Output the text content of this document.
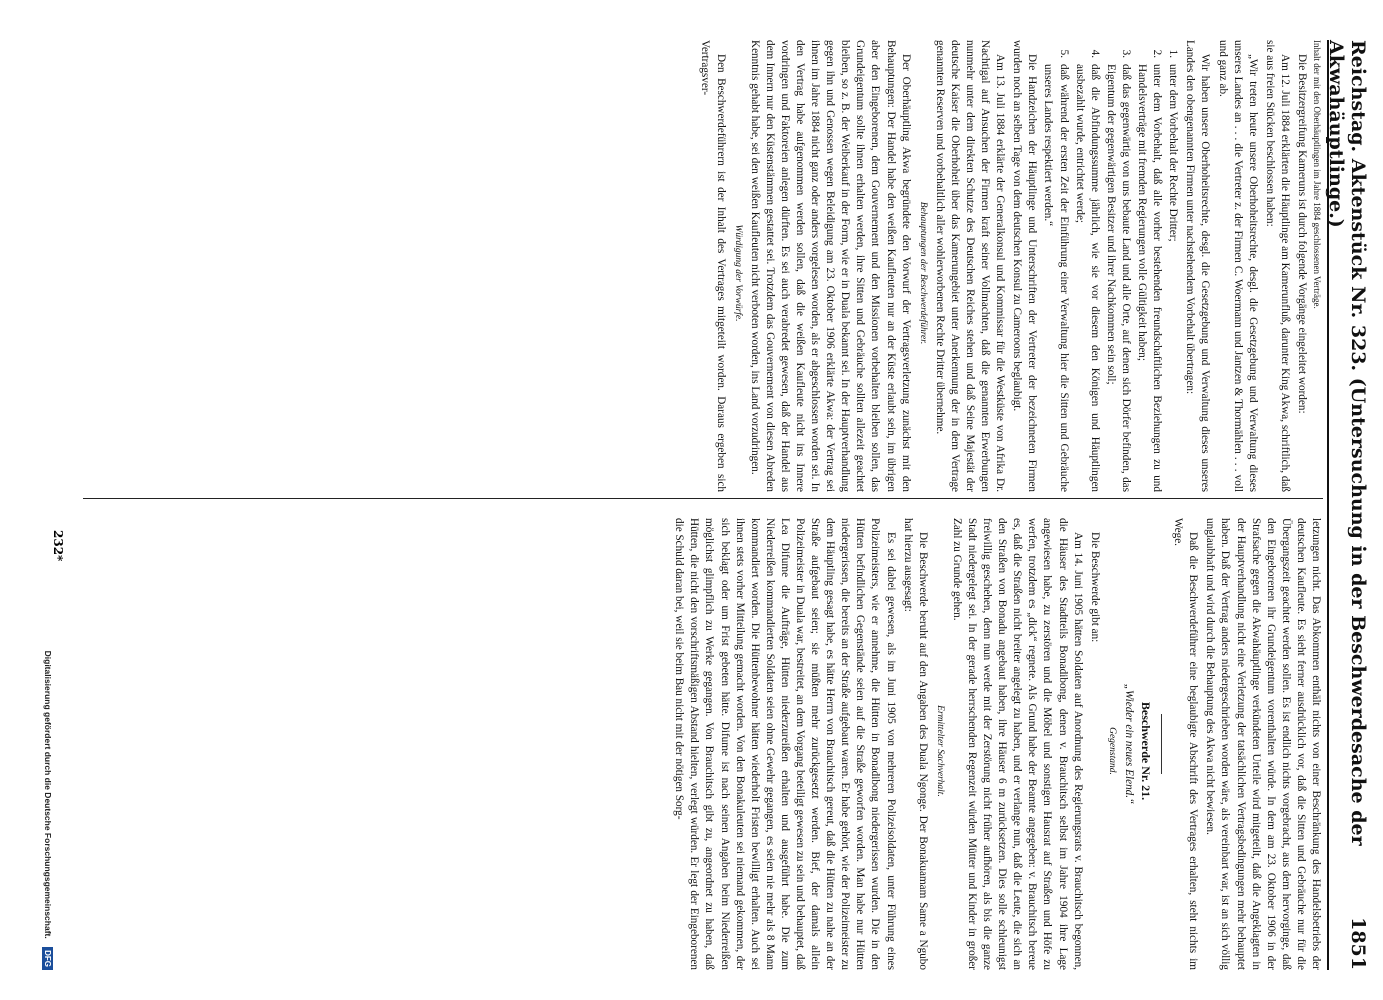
Reichstag. Aktenstück Nr. 323. (Untersuchung in der Beschwerdesache der Akwahäuptlinge.)
1851

Inhalt der mit den Oberhäuptlingen im Jahre 1884 geschlossenen Verträge.

Die Besitzergreifung Kameruns ist durch folgende Vorgänge eingeleitet worden:

Am 12. Juli 1884 erklärten die Häuptlinge am Kamerunfluß, darunter King Akwa, schriftlich, daß sie aus freien Stücken beschlossen haben:

„Wir treten heute unsere Oberhoheitsrechte, desgl. die Gesetzgebung und Verwaltung dieses unseres Landes an . . . die Vertreter z. der Firmen C. Woermann und Jantzen & Thormählen . . . voll und ganz ab.

Wir haben unsere Oberhoheitsrechte, desgl. die Gesetzgebung und Verwaltung dieses unseres Landes den obengenannten Firmen unter nachstehendem Vorbehalt übertragen:

1.
unter dem Vorbehalt der Rechte Dritter;
2.
unter dem Vorbehalt, daß alle vorher bestehenden freundschaftlichen Beziehungen zu und Handelsverträge mit fremden Regierungen volle Gültigkeit haben;
3.
daß das gegenwärtig von uns bebaute Land und alle Orte, auf denen sich Dörfer befinden, das Eigentum der gegenwärtigen Besitzer und ihrer Nachkommen sein soll;
4.
daß die Abfindungssumme jährlich, wie sie vor diesem den Königen und Häuptlingen ausbezahlt wurde, entrichtet werde;
5.
daß während der ersten Zeit der Einführung einer Verwaltung hier die Sitten und Gebräuche unseres Landes respektiert werden.“

Die Handzeichen der Häuptlinge und Unterschriften der Vertreter der bezeichneten Firmen wurden noch an selben Tage von dem deutschen Konsul zu Cameroons beglaubigt.

Am 13. Juli 1884 erklärte der Generalkonsul und Kommissar für die Westküste von Afrika Dr. Nachtigal auf Ansuchen der Firmen kraft seiner Vollmachten, daß die genannten Erwerbungen nunmehr unter dem direkten Schutze des Deutschen Reiches stehen und daß Seine Majestät der deutsche Kaiser die Oberhoheit über das Kamerungebiet unter Anerkennung der in dem Vertrage genannten Reserven und vorbehaltlich aller wohlerworbenen Rechte Dritter übernehme.

Behauptungen der Beschwerdeführer.

Der Oberhäuptling Akwa begründete den Vorwurf der Vertragsverletzung zunächst mit den Behauptungen: Der Handel habe den weißen Kaufleuten nur an der Küste erlaubt sein, im übrigen aber den Eingeborenen, dem Gouvernement und den Missionen vorbehalten bleiben sollen, das Grundeigentum sollte ihnen erhalten werden, ihre Sitten und Gebräuche sollten allezeit geachtet bleiben, so z. B. der Weiberkauf in der Form, wie er in Duala bekannt sei. In der Hauptverhandlung gegen ihn und Genossen wegen Beleidigung am 23. Oktober 1906 erklärte Akwa: der Vertrag sei ihnen im Jahre 1884 nicht ganz oder anders vorgelesen worden, als er abgeschlossen worden sei. In den Vertrag habe aufgenommen werden sollen, daß die weißen Kaufleute nicht ins Innere vordringen und Faktoreien anlegen dürften. Es sei auch verabredet gewesen, daß der Handel aus dem Innern nur den Küstenstämmen gestattet sei. Trotzdem das Gouvernement von diesen Abreden Kenntnis gehabt habe, sei den weißen Kaufleuten nicht verboten worden, ins Land vorzudringen.

Würdigung der Vorwürfe.

Den Beschwerdeführern ist der Inhalt des Vertrages mitgeteilt worden. Daraus ergeben sich Vertragsver-

letzungen nicht. Das Abkommen enthält nichts von einer Beschränkung des Handelsbetriebs der deutschen Kaufleute. Es sieht ferner ausdrücklich vor, daß die Sitten und Gebräuche nur für die Übergangszeit geachtet werden sollen. Es ist endlich nichts vorgebracht, aus dem hervorginge, daß den Eingeborenen ihr Grundeigentum vorenthalten würde. In dem am 23. Oktober 1906 in der Strafsache gegen die Akwahäuptlinge verkündeten Urteile wird mitgeteilt, daß die Angeklagten in der Hauptverhandlung nicht eine Verletzung der tatsächlichen Vertragsbedingungen mehr behauptet haben. Daß der Vertrag anders niedergeschrieben worden wäre, als vereinbart war, ist an sich völlig unglaubhaft und wird durch die Behauptung des Akwa nicht bewiesen.

Daß die Beschwerdeführer eine beglaubigte Abschrift des Vertrages erhalten, steht nichts im Wege.

Beschwerde Nr. 21.

„Wieder ein neues Elend.“

Gegenstand.

Die Beschwerde gibt an:

Am 14. Juni 1905 hätten Soldaten auf Anordnung des Regierungsrats v. Brauchitsch begonnen, die Häuser des Stadtteils Bonadibong, denen v. Brauchitsch selbst im Jahre 1904 ihre Lage angewiesen habe, zu zerstören und die Möbel und sonstigen Hausrat auf Straßen und Höfe zu werfen, trotzdem es „dick“ regnete. Als Grund habe der Beamte angegeben: v. Brauchitsch bereue es, daß die Straßen nicht breiter angelegt zu haben, und er verlange nun, daß die Leute, die sich an den Straßen von Bonadu angebaut haben, ihre Häuser 6 m zurücksetzen. Dies solle schleunigst freiwillig geschehen, denn nun werde mit der Zerstörung nicht früher aufhören, als bis die ganze Stadt niedergelegt sei. In der gerade herrschenden Regenzeit würden Mütter und Kinder in großer Zahl zu Grunde gehen.

Ermittelter Sachverhalt.

Die Beschwerde beruht auf den Angaben des Duala Ngonge. Der Bonakuamam Same a Ngubo hat hierzu ausgesagt:

Es sei dabei gewesen, als im Juni 1905 von mehreren Polizeisoldaten, unter Führung eines Polizeimeisters, wie er annehme, die Hütten in Bonadibong niedergerissen wurden. Die in den Hütten befindlichen Gegenstände seien auf die Straße geworfen worden. Man habe nur Hütten niedergerissen, die bereits an der Straße aufgebaut waren. Er habe gehört, wie der Polizeimeister zu dem Häuptling gesagt habe, es hätte Herrn von Brauchitsch gereut, daß die Hütten zu nahe an der Straße aufgebaut seien; sie müßten mehr zurückgesetzt werden. Bief, der damals allein Polizeimeister in Duala war, bestreitet, an dem Vorgang beteiligt gewesen zu sein und behauptet, daß Lea Difume die Aufträge, Hütten niederzureißen erhalten und ausgeführt habe. Die zum Niederreißen kommandierten Soldaten seien ohne Gewehr gegangen, es seien nie mehr als 8 Mann kommandiert worden. Die Hüttenbewohner hätten wiederholt Fristen bewilligt erhalten. Auch sei ihnen stets vorher Mitteilung gemacht worden. Von den Bonakuleuten sei niemand gekommen, der sich beklagt oder um Frist gebeten hätte. Difume ist nach seinen Angaben beim Niederreißen möglichst glimpflich zu Werke gegangen. Von Brauchitsch gibt zu, angeordnet zu haben, daß Hütten, die nicht den vorschriftsmäßigen Abstand hielten, verlegt würden. Er legt der Eingeborenen die Schuld daran bei, weil sie beim Bau nicht mit der nötigen Sorg-

232*
Digitalisierung gefördert durch die Deutsche Forschungsgemeinschaft. DFG
